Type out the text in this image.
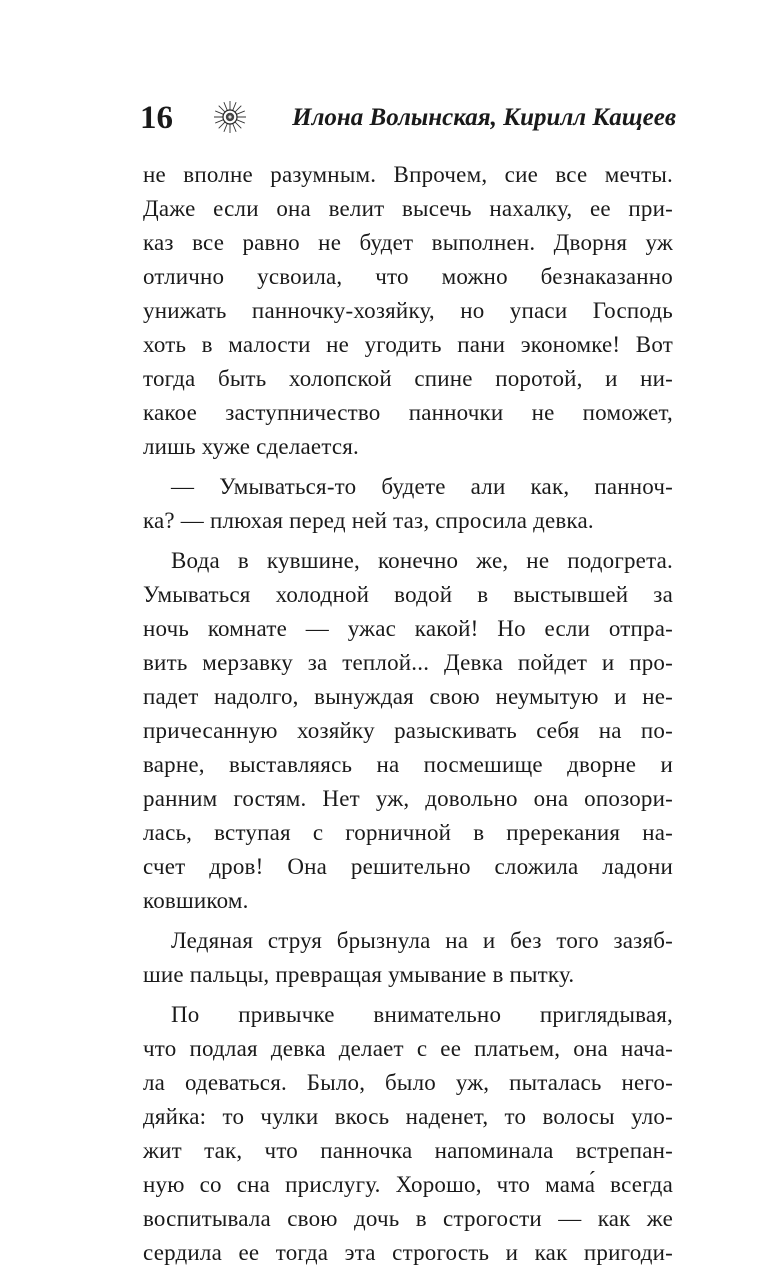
16	Илона Волынская, Кирилл Кащеев
не вполне разумным. Впрочем, сие все мечты.
Даже если она велит высечь нахалку, ее при-
каз все равно не будет выполнен. Дворня уж
отлично усвоила, что можно безнаказанно
унижать панночку-хозяйку, но упаси Господь
хоть в малости не угодить пани экономке! Вот
тогда быть холопской спине поротой, и ни-
какое заступничество панночки не поможет,
лишь хуже сделается.
— Умываться-то будете али как, панноч-
ка? — плюхая перед ней таз, спросила девка.
Вода в кувшине, конечно же, не подогрета.
Умываться холодной водой в выстывшей за
ночь комнате — ужас какой! Но если отпра-
вить мерзавку за теплой... Девка пойдет и про-
падет надолго, вынуждая свою неумытую и не-
причесанную хозяйку разыскивать себя на по-
варне, выставляясь на посмешище дворне и
ранним гостям. Нет уж, довольно она опозори-
лась, вступая с горничной в пререкания на-
счет дров! Она решительно сложила ладони
ковшиком.
Ледяная струя брызнула на и без того зазяб-
шие пальцы, превращая умывание в пытку.
По привычке внимательно приглядывая,
что подлая девка делает с ее платьем, она нача-
ла одеваться. Было, было уж, пыталась него-
дяйка: то чулки вкось наденет, то волосы уло-
жит так, что панночка напоминала встрепан-
ную со сна прислугу. Хорошо, что мама́ всегда
воспитывала свою дочь в строгости — как же
сердила ее тогда эта строгость и как пригоди-
